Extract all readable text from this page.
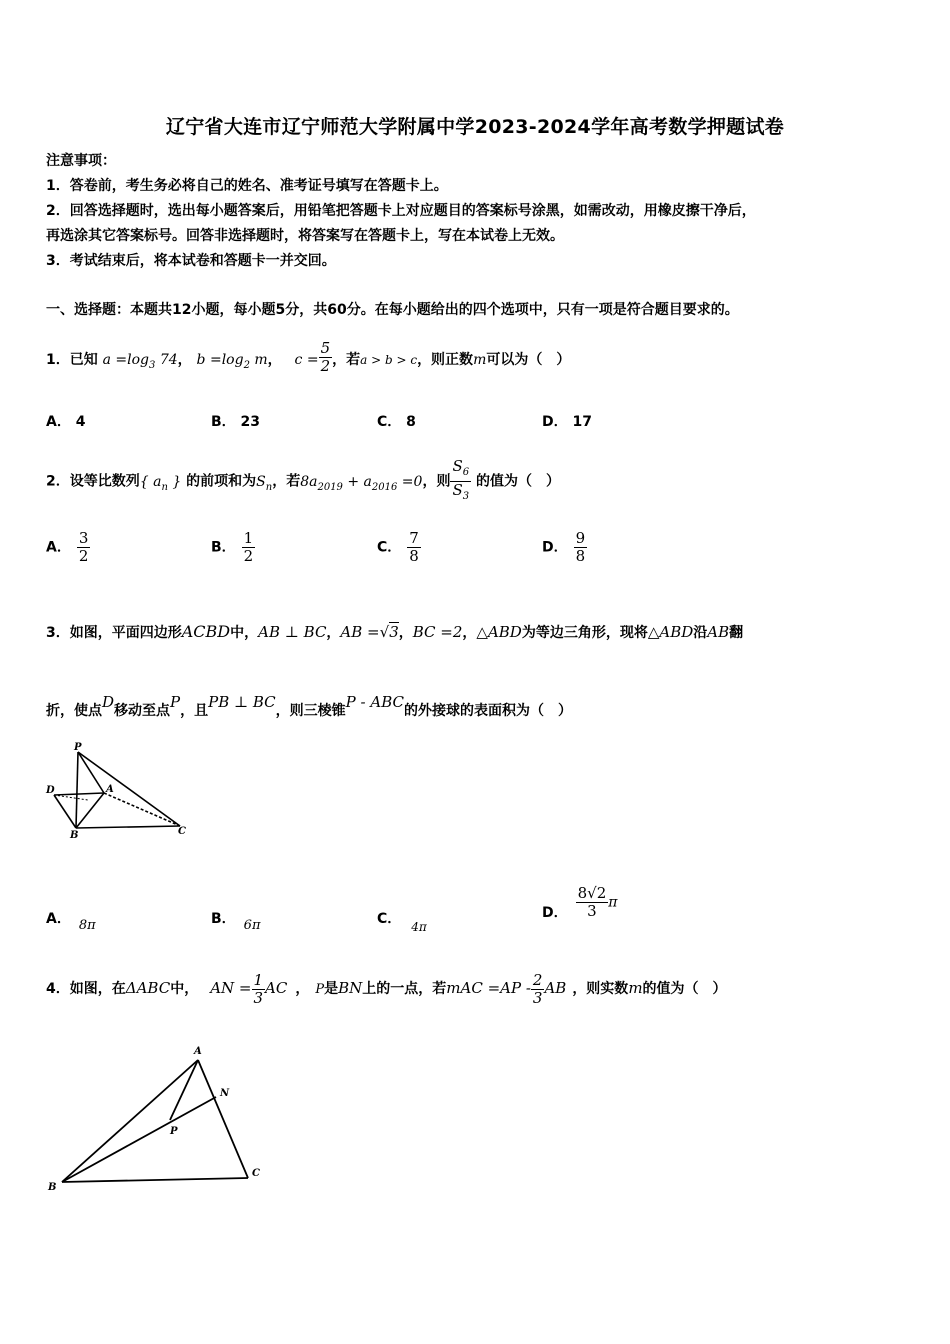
辽宁省大连市辽宁师范大学附属中学2023-2024学年高考数学押题试卷
注意事项：
1．答卷前，考生务必将自己的姓名、准考证号填写在答题卡上。
2．回答选择题时，选出每小题答案后，用铅笔把答题卡上对应题目的答案标号涂黑，如需改动，用橡皮擦干净后，
再选涂其它答案标号。回答非选择题时，将答案写在答题卡上，写在本试卷上无效。
3．考试结束后，将本试卷和答题卡一并交回。
一、选择题：本题共12小题，每小题5分，共60分。在每小题给出的四个选项中，只有一项是符合题目要求的。
1．已知 $a =\log_3$ 74， $b =\log_2$ m， $c = \frac{5}{2}$ ，若a > b > c，则正数m可以为（　）
A． 4	B． 23	C． 8	D． 17
2．设等比数列{ $a_n$ } 的前项和为$S_n$，若$8a_{2019} + a_{2016} =0$，则 $\frac{S_6}{S_3}$ 的值为（　）
A． $\frac{3}{2}$	B． $\frac{1}{2}$	C． $\frac{7}{8}$	D． $\frac{9}{8}$
3．如图，平面四边形ACBD中，AB ⊥ BC，AB =√3，BC =2，△ABD为等边三角形，现将△ABD沿AB翻
折，使点D移动至点P，且PB ⊥ BC，则三棱锥P - ABC的外接球的表面积为（　）
P
D	A
B	C
A． 8π	B． 6π	C． 4π
D． $\frac{8√2}{3}$ π
4．如图，在ΔABC中， AN = $\frac{1}{3}$ AC ， P是BN上的一点，若mAC $=AP - \frac{2}{3}$ AB ，则实数m的值为（　）
A
N
P
B
C
